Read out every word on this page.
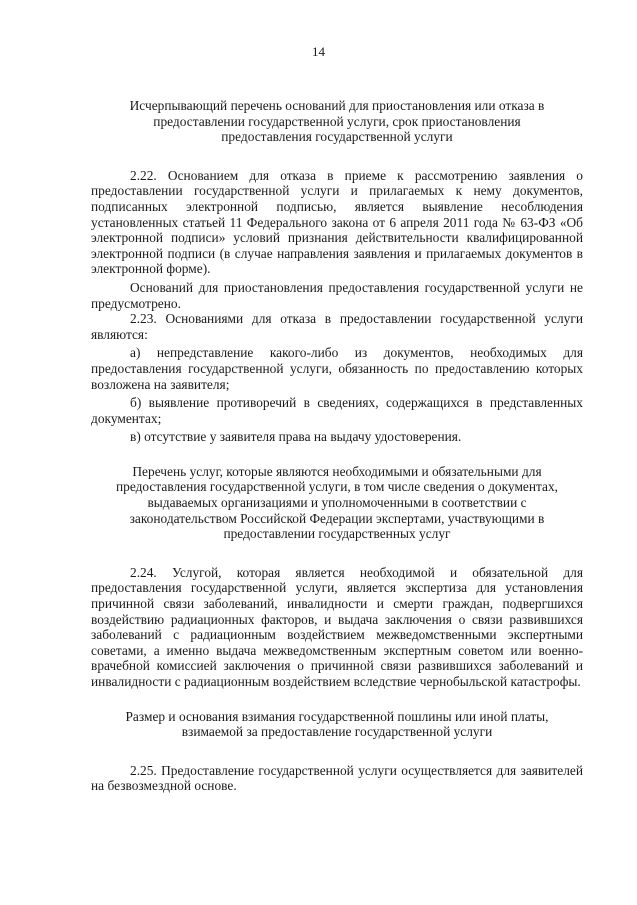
14
Исчерпывающий перечень оснований для приостановления или отказа в
предоставлении государственной услуги, срок приостановления
предоставления государственной услуги

2.22. Основанием для отказа в приеме к рассмотрению заявления о предоставлении государственной услуги и прилагаемых к нему документов, подписанных электронной подписью, является выявление несоблюдения установленных статьей 11 Федерального закона от 6 апреля 2011 года № 63-ФЗ «Об электронной подписи» условий признания действительности квалифицированной электронной подписи (в случае направления заявления и прилагаемых документов в электронной форме).

Оснований для приостановления предоставления государственной услуги не предусмотрено.

2.23. Основаниями для отказа в предоставлении государственной услуги являются:

а) непредставление какого-либо из документов, необходимых для предоставления государственной услуги, обязанность по предоставлению которых возложена на заявителя;

б) выявление противоречий в сведениях, содержащихся в представленных документах;

в) отсутствие у заявителя права на выдачу удостоверения.

Перечень услуг, которые являются необходимыми и обязательными для
предоставления государственной услуги, в том числе сведения о документах,
выдаваемых организациями и уполномоченными в соответствии с
законодательством Российской Федерации экспертами, участвующими в
предоставлении государственных услуг

2.24. Услугой, которая является необходимой и обязательной для предоставления государственной услуги, является экспертиза для установления причинной связи заболеваний, инвалидности и смерти граждан, подвергшихся воздействию радиационных факторов, и выдача заключения о связи развившихся заболеваний с радиационным воздействием межведомственными экспертными советами, а именно выдача межведомственным экспертным советом или военно-врачебной комиссией заключения о причинной связи развившихся заболеваний и инвалидности с радиационным воздействием вследствие чернобыльской катастрофы.

Размер и основания взимания государственной пошлины или иной платы,
взимаемой за предоставление государственной услуги

2.25. Предоставление государственной услуги осуществляется для заявителей на безвозмездной основе.
